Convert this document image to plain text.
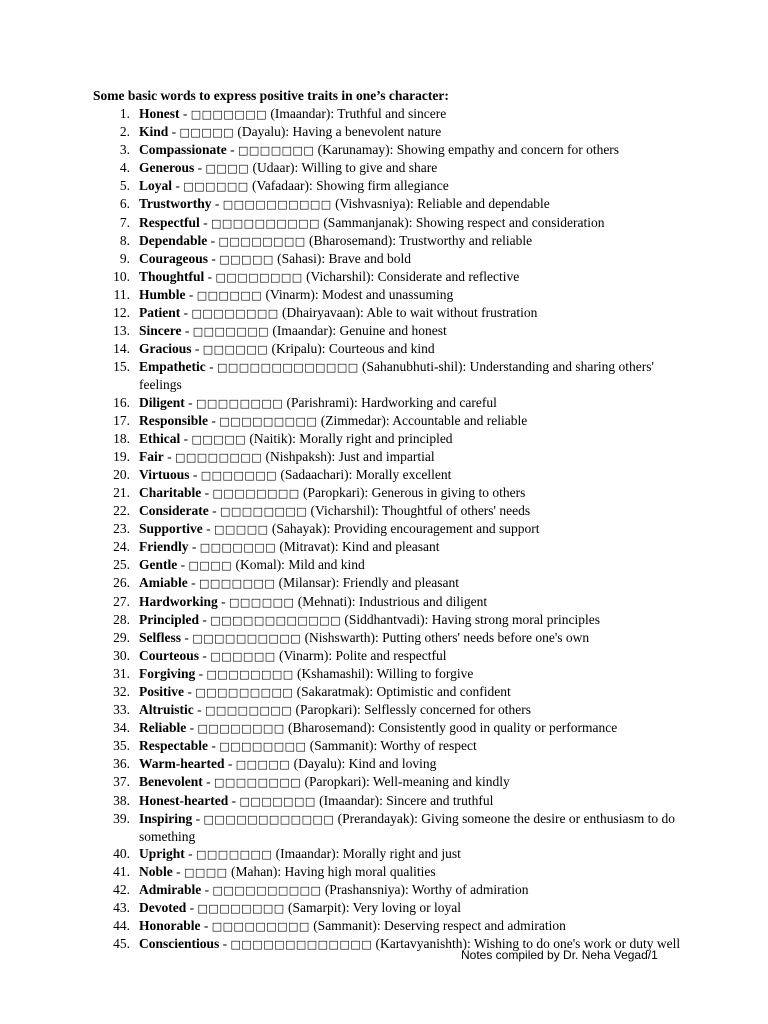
Some basic words to express positive traits in one’s character:
1. Honest - □□□□□□□ (Imaandar): Truthful and sincere
2. Kind - □□□□□ (Dayalu): Having a benevolent nature
3. Compassionate - □□□□□□□ (Karunamay): Showing empathy and concern for others
4. Generous - □□□□ (Udaar): Willing to give and share
5. Loyal - □□□□□□ (Vafadaar): Showing firm allegiance
6. Trustworthy - □□□□□□□□□□ (Vishvasniya): Reliable and dependable
7. Respectful - □□□□□□□□□□ (Sammanjanak): Showing respect and consideration
8. Dependable - □□□□□□□□ (Bharosemand): Trustworthy and reliable
9. Courageous - □□□□□ (Sahasi): Brave and bold
10. Thoughtful - □□□□□□□□ (Vicharshil): Considerate and reflective
11. Humble - □□□□□□ (Vinarm): Modest and unassuming
12. Patient - □□□□□□□□ (Dhairyavaan): Able to wait without frustration
13. Sincere - □□□□□□□ (Imaandar): Genuine and honest
14. Gracious - □□□□□□ (Kripalu): Courteous and kind
15. Empathetic - □□□□□□□□□□□□□ (Sahanubhuti-shil): Understanding and sharing others' feelings
16. Diligent - □□□□□□□□ (Parishrami): Hardworking and careful
17. Responsible - □□□□□□□□□ (Zimmedar): Accountable and reliable
18. Ethical - □□□□□ (Naitik): Morally right and principled
19. Fair - □□□□□□□□ (Nishpaksh): Just and impartial
20. Virtuous - □□□□□□□ (Sadaachari): Morally excellent
21. Charitable - □□□□□□□□ (Paropkari): Generous in giving to others
22. Considerate - □□□□□□□□ (Vicharshil): Thoughtful of others' needs
23. Supportive - □□□□□ (Sahayak): Providing encouragement and support
24. Friendly - □□□□□□□ (Mitravat): Kind and pleasant
25. Gentle - □□□□ (Komal): Mild and kind
26. Amiable - □□□□□□□ (Milansar): Friendly and pleasant
27. Hardworking - □□□□□□ (Mehnati): Industrious and diligent
28. Principled - □□□□□□□□□□□□ (Siddhantvadi): Having strong moral principles
29. Selfless - □□□□□□□□□□ (Nishswarth): Putting others' needs before one's own
30. Courteous - □□□□□□ (Vinarm): Polite and respectful
31. Forgiving - □□□□□□□□ (Kshamashil): Willing to forgive
32. Positive - □□□□□□□□□ (Sakaratmak): Optimistic and confident
33. Altruistic - □□□□□□□□ (Paropkari): Selflessly concerned for others
34. Reliable - □□□□□□□□ (Bharosemand): Consistently good in quality or performance
35. Respectable - □□□□□□□□ (Sammanit): Worthy of respect
36. Warm-hearted - □□□□□ (Dayalu): Kind and loving
37. Benevolent - □□□□□□□□ (Paropkari): Well-meaning and kindly
38. Honest-hearted - □□□□□□□ (Imaandar): Sincere and truthful
39. Inspiring - □□□□□□□□□□□□ (Prerandayak): Giving someone the desire or enthusiasm to do something
40. Upright - □□□□□□□ (Imaandar): Morally right and just
41. Noble - □□□□ (Mahan): Having high moral qualities
42. Admirable - □□□□□□□□□□ (Prashansniya): Worthy of admiration
43. Devoted - □□□□□□□□ (Samarpit): Very loving or loyal
44. Honorable - □□□□□□□□□ (Sammanit): Deserving respect and admiration
45. Conscientious - □□□□□□□□□□□□□ (Kartavyanishth): Wishing to do one's work or duty well
Notes compiled by Dr. Neha Vegad/1
